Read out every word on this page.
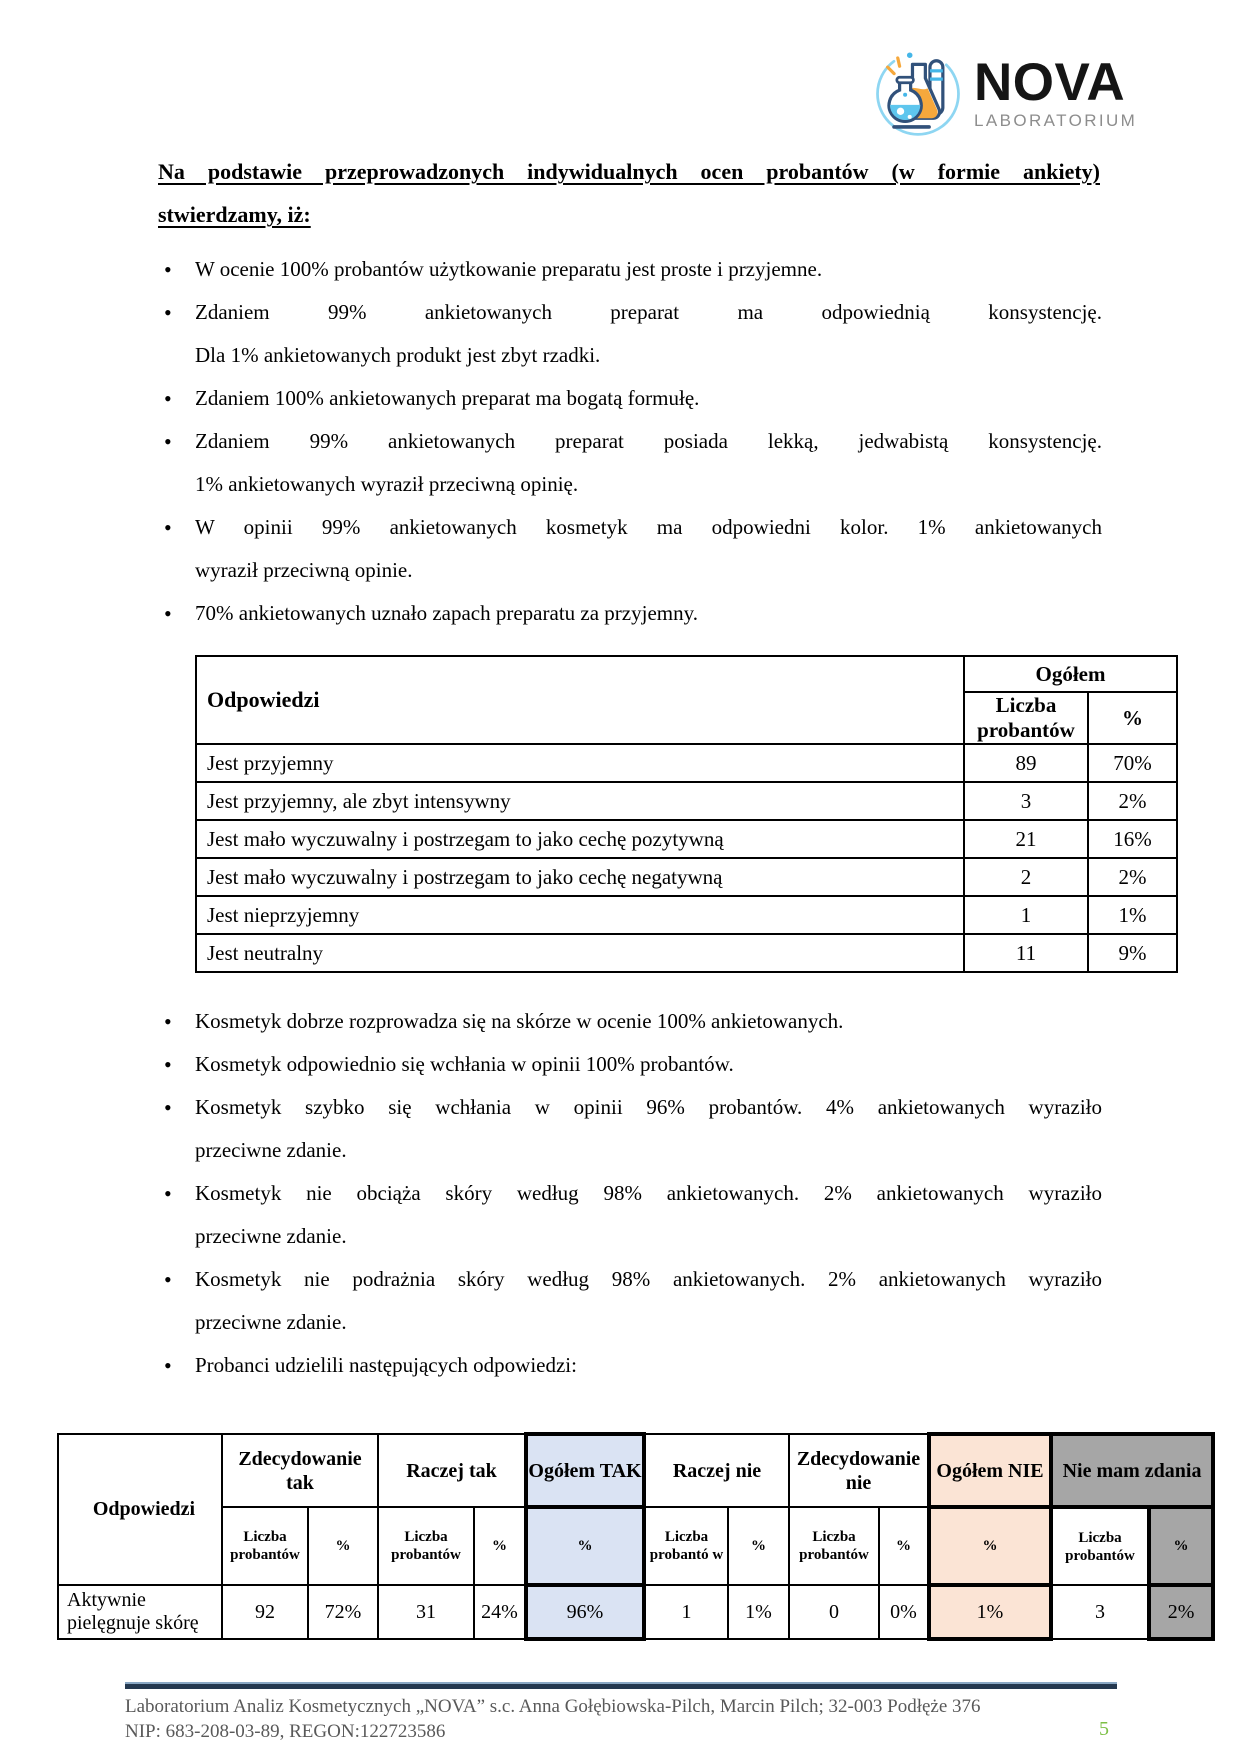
NOVA
LABORATORIUM
Na podstawie przeprowadzonych indywidualnych ocen probantów (w formie ankiety)
stwierdzamy, iż:
• W ocenie 100% probantów użytkowanie preparatu jest proste i przyjemne.
• Zdaniem 99% ankietowanych preparat ma odpowiednią konsystencję.
Dla 1% ankietowanych produkt jest zbyt rzadki.
• Zdaniem 100% ankietowanych preparat ma bogatą formułę.
• Zdaniem 99% ankietowanych preparat posiada lekką, jedwabistą konsystencję.
1% ankietowanych wyraził przeciwną opinię.
• W opinii 99% ankietowanych kosmetyk ma odpowiedni kolor. 1% ankietowanych
wyraził przeciwną opinie.
• 70% ankietowanych uznało zapach preparatu za przyjemny.
Odpowiedzi	Ogółem	
	Liczba probantów	%
Jest przyjemny	89	70%
Jest przyjemny, ale zbyt intensywny	3	2%
Jest mało wyczuwalny i postrzegam to jako cechę pozytywną	21	16%
Jest mało wyczuwalny i postrzegam to jako cechę negatywną	2	2%
Jest nieprzyjemny	1	1%
Jest neutralny	11	9%
• Kosmetyk dobrze rozprowadza się na skórze w ocenie 100% ankietowanych.
• Kosmetyk odpowiednio się wchłania w opinii 100% probantów.
• Kosmetyk szybko się wchłania w opinii 96% probantów. 4% ankietowanych wyraziło
przeciwne zdanie.
• Kosmetyk nie obciąża skóry według 98% ankietowanych. 2% ankietowanych wyraziło
przeciwne zdanie.
• Kosmetyk nie podrażnia skóry według 98% ankietowanych. 2% ankietowanych wyraziło
przeciwne zdanie.
• Probanci udzielili następujących odpowiedzi:
Odpowiedzi	Zdecydowanie tak		Raczej tak		Ogółem TAK	Raczej nie		Zdecydowanie nie		Ogółem NIE	Nie mam zdania	
	Liczba probantów	%	Liczba probantów	%	%	Liczba probantó w	%	Liczba probantów	%	%	Liczba probantów	%
Aktywnie pielęgnuje skórę	92	72%	31	24%	96%	1	1%	0	0%	1%	3	2%
Laboratorium Analiz Kosmetycznych „NOVA” s.c. Anna Gołębiowska-Pilch, Marcin Pilch; 32-003 Podłęże 376
NIP: 683-208-03-89, REGON:122723586	5
